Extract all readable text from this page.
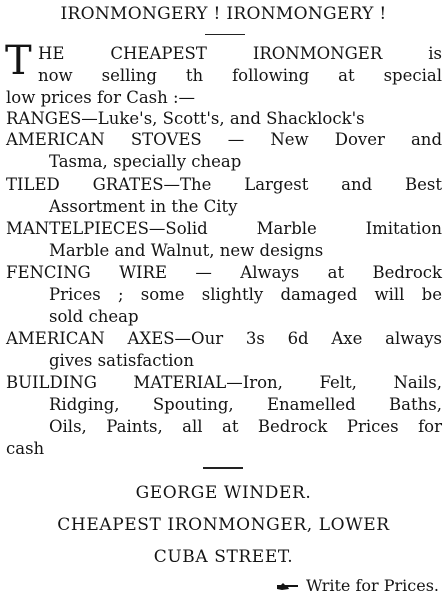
IRONMONGERY ! IRONMONGERY !
T HE CHEAPEST IRONMONGER is
now selling th following at special
low prices for Cash :—
RANGES—Luke's, Scott's, and Shacklock's
AMERICAN STOVES — New Dover and
Tasma, specially cheap
TILED GRATES—The Largest and Best
Assortment in the City
MANTELPIECES—Solid Marble Imitation
Marble and Walnut, new designs
FENCING WIRE — Always at Bedrock
Prices ; some slightly damaged will be
sold cheap
AMERICAN AXES—Our 3s 6d Axe always
gives satisfaction
BUILDING MATERIAL—Iron, Felt, Nails,
Ridging, Spouting, Enamelled Baths,
Oils, Paints, all at Bedrock Prices for
cash
GEORGE WINDER.
CHEAPEST IRONMONGER, LOWER
CUBA STREET.
Write for Prices.
